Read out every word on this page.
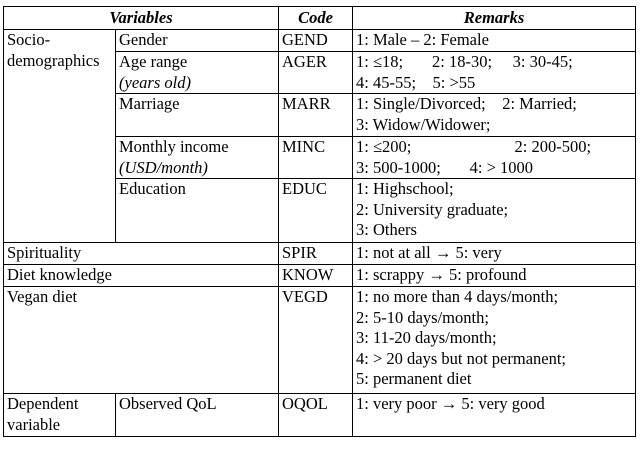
Variables		Code	Remarks

Socio-
demographics	Gender	GEND	1: Male – 2: Female

	Age range
(years old)	AGER	1: ≤18; 2: 18-30; 3: 30-45;
4: 45-55; 5: >55

	Marriage	MARR	1: Single/Divorced; 2: Married;
3: Widow/Widower;

	Monthly income
(USD/month)	MINC	1: ≤200; 2: 200-500;
3: 500-1000; 4: > 1000

	Education	EDUC	1: Highschool;
2: University graduate;
3: Others

Spirituality		SPIR	1: not at all → 5: very
Diet knowledge		KNOW	1: scrappy → 5: profound
Vegan diet		VEGD	1: no more than 4 days/month;
2: 5-10 days/month;
3: 11-20 days/month;
4: > 20 days but not permanent;
5: permanent diet

Dependent
variable	Observed QoL	OQOL	1: very poor → 5: very good
